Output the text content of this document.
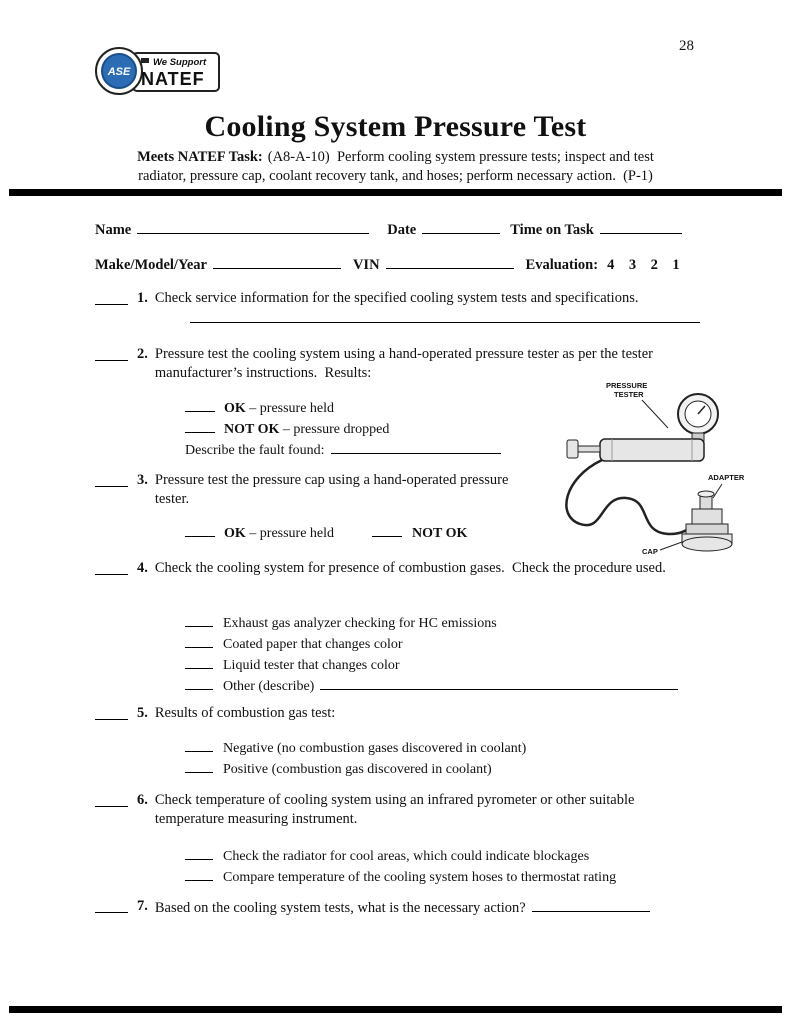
ASE
We Support
NATEF
28
Cooling System Pressure Test
Meets NATEF Task: (A8-A-10)  Perform cooling system pressure tests; inspect and test
radiator, pressure cap, coolant recovery tank, and hoses; perform necessary action.  (P-1)
Name	Date	Time on Task
Make/Model/Year	VIN	Evaluation: 4    3    2    1
1. Check service information for the specified cooling system tests and specifications.
2. Pressure test the cooling system using a hand-operated pressure tester as per the tester manufacturer’s instructions.  Results:
OK – pressure held
NOT OK – pressure dropped
Describe the fault found:
3. Pressure test the pressure cap using a hand-operated pressure tester.
OK – pressure held	NOT OK
PRESSURE
TESTER
ADAPTER
CAP
4. Check the cooling system for presence of combustion gases.  Check the procedure used.
Exhaust gas analyzer checking for HC emissions
Coated paper that changes color
Liquid tester that changes color
Other (describe)
5. Results of combustion gas test:
Negative (no combustion gases discovered in coolant)
Positive (combustion gas discovered in coolant)
6. Check temperature of cooling system using an infrared pyrometer or other suitable temperature measuring instrument.
Check the radiator for cool areas, which could indicate blockages
Compare temperature of the cooling system hoses to thermostat rating
7. Based on the cooling system tests, what is the necessary action?
